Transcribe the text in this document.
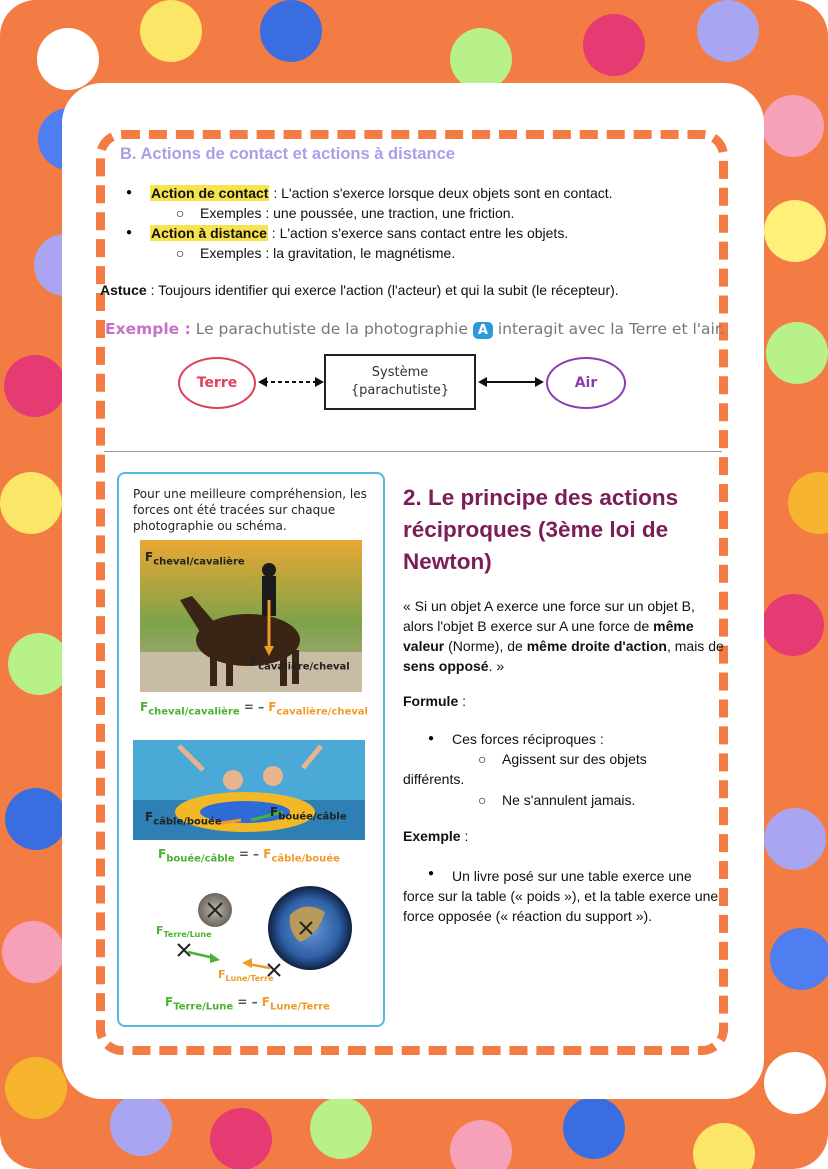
B. Actions de contact et actions à distance
● Action de contact : L'action s'exerce lorsque deux objets sont en contact.
○ Exemples : une poussée, une traction, une friction.
● Action à distance : L'action s'exerce sans contact entre les objets.
○ Exemples : la gravitation, le magnétisme.
Astuce : Toujours identifier qui exerce l'action (l'acteur) et qui la subit (le récepteur).
Exemple : Le parachutiste de la photographie A interagit avec la Terre et l'air.
Terre
Système
{parachutiste}	Air
Pour une meilleure compréhension, les forces ont été tracées sur chaque photographie ou schéma.
$F_{cheval/cavalière}$
$F_{cavalière/cheval}$
$F_{cheval/cavalière}$ = – $F_{cavalière/cheval}$
$F_{câble/bouée}$
$F_{bouée/câble}$
$F_{bouée/câble}$ = – $F_{câble/bouée}$
$F_{Terre/Lune}$
$F_{Lune/Terre}$
$F_{Terre/Lune}$ = – $F_{Lune/Terre}$
2. Le principe des actions réciproques (3ème loi de Newton)
« Si un objet A exerce une force sur un objet B, alors l'objet B exerce sur A une force de même valeur (Norme), de même droite d'action, mais de sens opposé. »
Formule :
● Ces forces réciproques :
○ Agissent sur des objets
différents.
○ Ne s'annulent jamais.
Exemple :
●	Un livre posé sur une table exerce une force sur la table (« poids »), et la table exerce une force opposée (« réaction du support »).
